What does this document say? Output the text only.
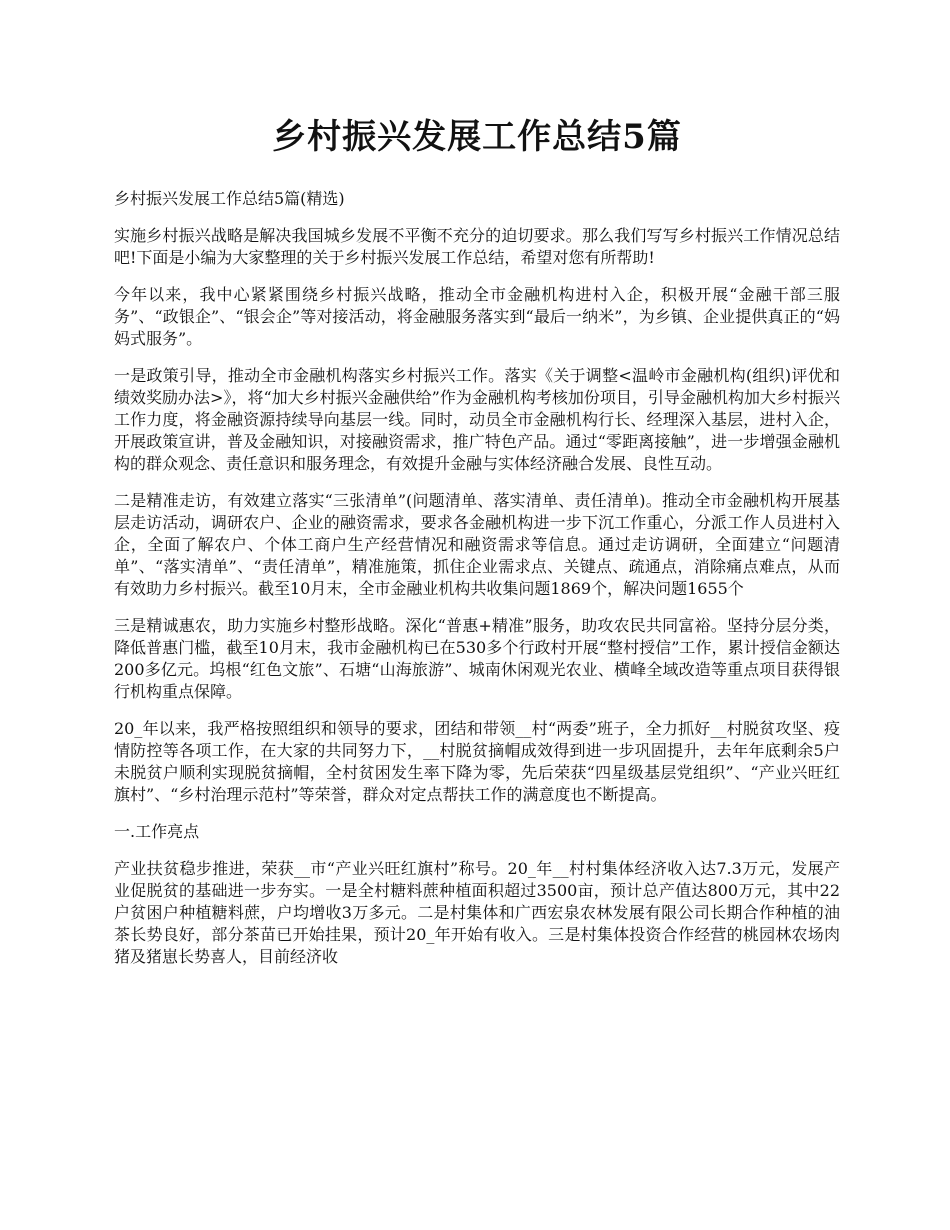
乡村振兴发展工作总结5篇

乡村振兴发展工作总结5篇(精选)

实施乡村振兴战略是解决我国城乡发展不平衡不充分的迫切要求。那么我们写写乡村振兴工作情况总结吧!下面是小编为大家整理的关于乡村振兴发展工作总结，希望对您有所帮助!

今年以来，我中心紧紧围绕乡村振兴战略，推动全市金融机构进村入企，积极开展“金融干部三服务”、“政银企”、“银会企”等对接活动，将金融服务落实到“最后一纳米”，为乡镇、企业提供真正的“妈妈式服务”。

一是政策引导，推动全市金融机构落实乡村振兴工作。落实《关于调整<温岭市金融机构(组织)评优和绩效奖励办法>》，将“加大乡村振兴金融供给”作为金融机构考核加份项目，引导金融机构加大乡村振兴工作力度，将金融资源持续导向基层一线。同时，动员全市金融机构行长、经理深入基层，进村入企，开展政策宣讲，普及金融知识，对接融资需求，推广特色产品。通过“零距离接触”，进一步增强金融机构的群众观念、责任意识和服务理念，有效提升金融与实体经济融合发展、良性互动。

二是精准走访，有效建立落实“三张清单”(问题清单、落实清单、责任清单)。推动全市金融机构开展基层走访活动，调研农户、企业的融资需求，要求各金融机构进一步下沉工作重心，分派工作人员进村入企，全面了解农户、个体工商户生产经营情况和融资需求等信息。通过走访调研，全面建立“问题清单”、“落实清单”、“责任清单”，精准施策，抓住企业需求点、关键点、疏通点，消除痛点难点，从而有效助力乡村振兴。截至10月末，全市金融业机构共收集问题1869个，解决问题1655个

三是精诚惠农，助力实施乡村整形战略。深化“普惠+精准”服务，助攻农民共同富裕。坚持分层分类，降低普惠门槛，截至10月末，我市金融机构已在530多个行政村开展“整村授信”工作，累计授信金额达200多亿元。坞根“红色文旅”、石塘“山海旅游”、城南休闲观光农业、横峰全域改造等重点项目获得银行机构重点保障。

20_年以来，我严格按照组织和领导的要求，团结和带领__村“两委”班子，全力抓好__村脱贫攻坚、疫情防控等各项工作，在大家的共同努力下，__村脱贫摘帽成效得到进一步巩固提升，去年年底剩余5户未脱贫户顺利实现脱贫摘帽，全村贫困发生率下降为零，先后荣获“四星级基层党组织”、“产业兴旺红旗村”、“乡村治理示范村”等荣誉，群众对定点帮扶工作的满意度也不断提高。

一.工作亮点

产业扶贫稳步推进，荣获__市“产业兴旺红旗村”称号。20_年__村村集体经济收入达7.3万元，发展产业促脱贫的基础进一步夯实。一是全村糖料蔗种植面积超过3500亩，预计总产值达800万元，其中22户贫困户种植糖料蔗，户均增收3万多元。二是村集体和广西宏泉农林发展有限公司长期合作种植的油茶长势良好，部分茶苗已开始挂果，预计20_年开始有收入。三是村集体投资合作经营的桃园林农场肉猪及猪崽长势喜人，目前经济收
